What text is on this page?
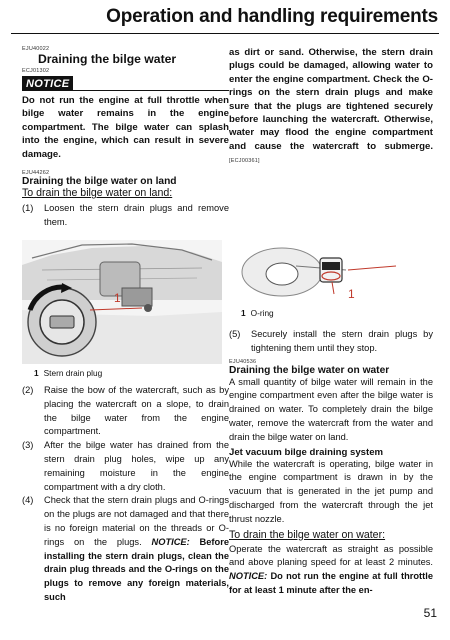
Operation and handling requirements
EJU40022
Draining the bilge water
ECJ01302
NOTICE
Do not run the engine at full throttle when bilge water remains in the engine compartment. The bilge water can splash into the engine, which can result in severe damage.
EJU44262
Draining the bilge water on land
To drain the bilge water on land:
(1)	Loosen the stern drain plugs and remove them.
1
1 Stern drain plug
(2)	Raise the bow of the watercraft, such as by placing the watercraft on a slope, to drain the bilge water from the engine compartment.
(3)	After the bilge water has drained from the stern drain plug holes, wipe up any remaining moisture in the engine compartment with a dry cloth.
(4)	Check that the stern drain plugs and O-rings on the plugs are not damaged and that there is no foreign material on the threads or O-rings on the plugs. NOTICE: Before installing the stern drain plugs, clean the drain plug threads and the O-rings on the plugs to remove any foreign materials, such
as dirt or sand. Otherwise, the stern drain plugs could be damaged, allowing water to enter the engine compartment. Check the O-rings on the stern drain plugs and make sure that the plugs are tightened securely before launching the watercraft. Otherwise, water may flood the engine compartment and cause the watercraft to submerge. [ECJ00361]
1
1 O-ring
(5)	Securely install the stern drain plugs by tightening them until they stop.
EJU40536
Draining the bilge water on water
A small quantity of bilge water will remain in the engine compartment even after the bilge water is drained on water. To completely drain the bilge water, remove the watercraft from the water and drain the bilge water on land.
Jet vacuum bilge draining system
While the watercraft is operating, bilge water in the engine compartment is drawn in by the vacuum that is generated in the jet pump and discharged from the watercraft through the jet thrust nozzle.
To drain the bilge water on water:
Operate the watercraft as straight as possible and above planing speed for at least 2 minutes. NOTICE: Do not run the engine at full throttle for at least 1 minute after the en-
51
